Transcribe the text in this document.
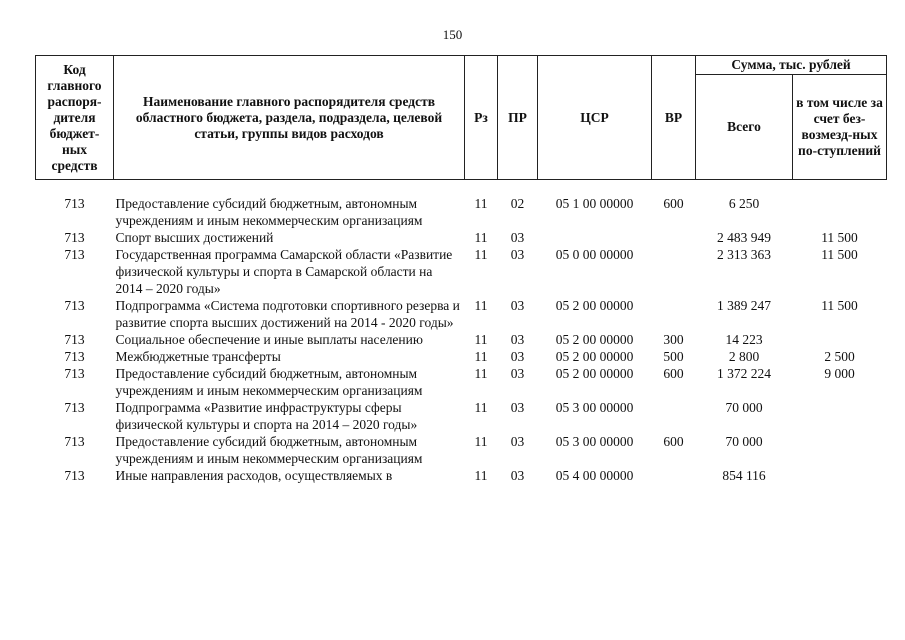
150
Код главного распоря-дителя бюджет-ных средств	Наименование главного распорядителя средств областного бюджета, раздела, подраздела, целевой статьи, группы видов расходов	Рз	ПР	ЦСР	ВР	Сумма, тыс. рублей	
						Всего	в том числе за счет без-возмезд-ных по-ступлений

713	Предоставление субсидий бюджетным, автономным учреждениям и иным некоммерческим организациям	11	02	05 1 00 00000	600	6 250	
713	Спорт высших достижений	11	03			2 483 949	11 500
713	Государственная программа Самарской области «Развитие физической культуры и спорта в Самарской области на 2014 – 2020 годы»	11	03	05 0 00 00000		2 313 363	11 500
713	Подпрограмма «Система подготовки спортивного резерва и развитие спорта высших достижений на 2014 - 2020 годы»	11	03	05 2 00 00000		1 389 247	11 500
713	Социальное обеспечение и иные выплаты населению	11	03	05 2 00 00000	300	14 223	
713	Межбюджетные трансферты	11	03	05 2 00 00000	500	2 800	2 500
713	Предоставление субсидий бюджетным, автономным учреждениям и иным некоммерческим организациям	11	03	05 2 00 00000	600	1 372 224	9 000
713	Подпрограмма «Развитие инфраструктуры сферы физической культуры и спорта на 2014 – 2020 годы»	11	03	05 3 00 00000		70 000	
713	Предоставление субсидий бюджетным, автономным учреждениям и иным некоммерческим организациям	11	03	05 3 00 00000	600	70 000	
713	Иные направления расходов, осуществляемых в	11	03	05 4 00 00000		854 116	
